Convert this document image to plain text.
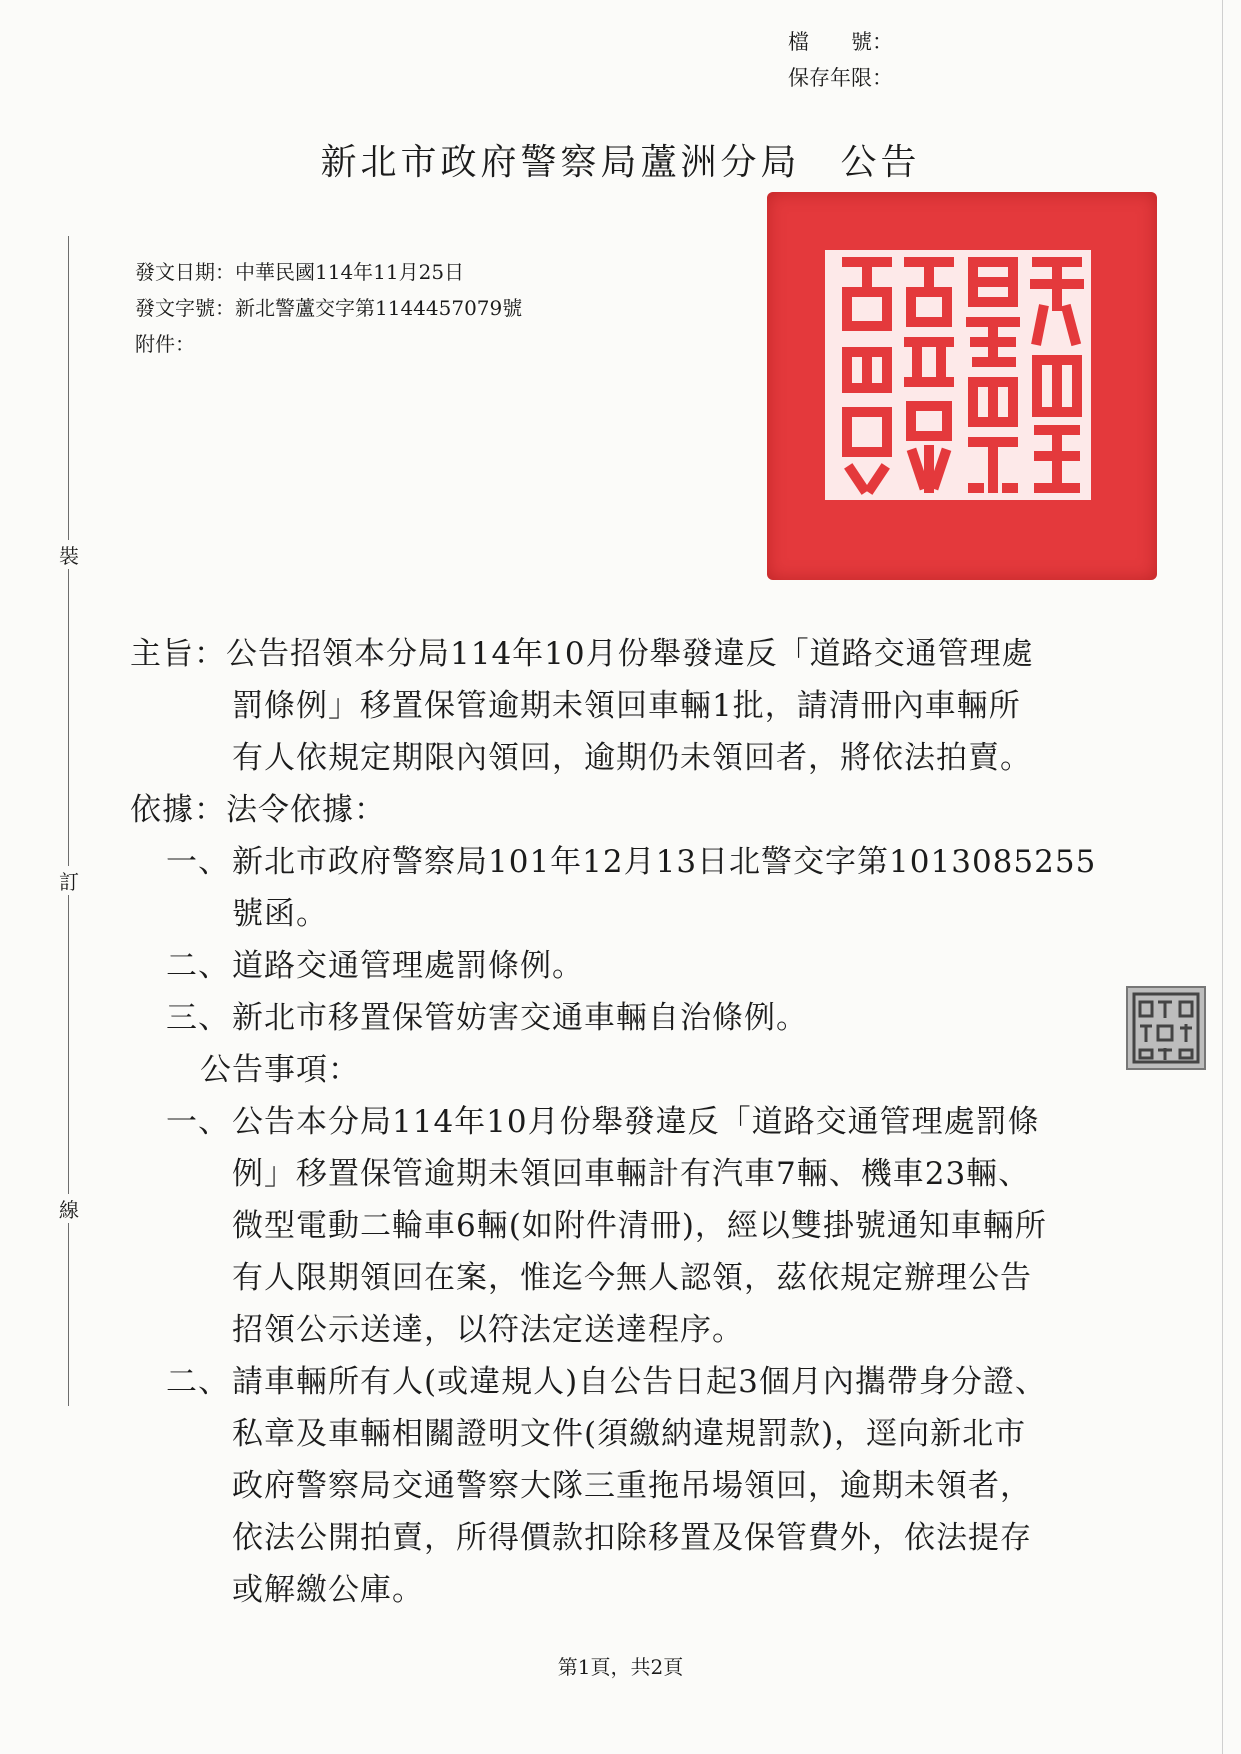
檔　　號：
保存年限：
新北市政府警察局蘆洲分局 公告
裝
訂
線
發文日期：中華民國114年11月25日
發文字號：新北警蘆交字第1144457079號
附件：
主旨：公告招領本分局114年10月份舉發違反「道路交通管理處
罰條例」移置保管逾期未領回車輛1批，請清冊內車輛所
有人依規定期限內領回，逾期仍未領回者，將依法拍賣。
依據：法令依據：
一、 新北市政府警察局101年12月13日北警交字第1013085255
號函。
二、 道路交通管理處罰條例。
三、 新北市移置保管妨害交通車輛自治條例。
公告事項：
一、 公告本分局114年10月份舉發違反「道路交通管理處罰條
例」移置保管逾期未領回車輛計有汽車7輛、機車23輛、
微型電動二輪車6輛(如附件清冊)，經以雙掛號通知車輛所
有人限期領回在案，惟迄今無人認領，茲依規定辦理公告
招領公示送達，以符法定送達程序。
二、 請車輛所有人(或違規人)自公告日起3個月內攜帶身分證、
私章及車輛相關證明文件(須繳納違規罰款)，逕向新北市
政府警察局交通警察大隊三重拖吊場領回，逾期未領者，
依法公開拍賣，所得價款扣除移置及保管費外，依法提存
或解繳公庫。
第1頁，共2頁
